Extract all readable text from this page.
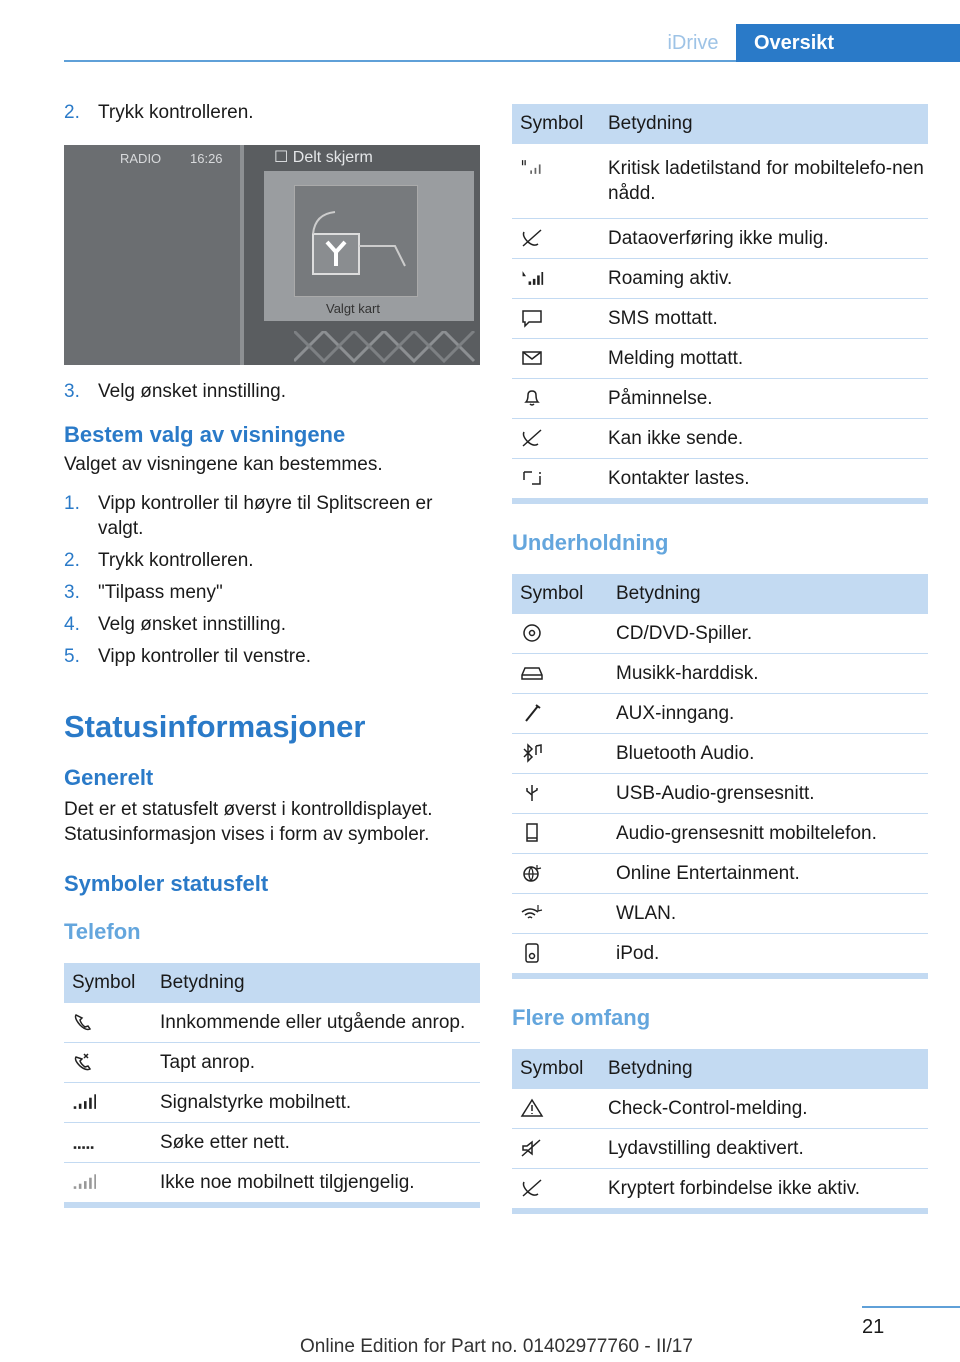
iDrive	Oversikt
2. Trykk kontrolleren.
RADIO 16:26	☐ Delt skjerm
Valgt kart
3. Velg ønsket innstilling.
Bestem valg av visningene

Valget av visningene kan bestemmes.

1. Vipp kontroller til høyre til Splitscreen er valgt.
2. Trykk kontrolleren.
3. "Tilpass meny"
4. Velg ønsket innstilling.
5. Vipp kontroller til venstre.
Statusinformasjoner
Generelt

Det er et statusfelt øverst i kontrolldisplayet. Statusinformasjon vises i form av symboler.

Symboler statusfelt
Telefon
Symbol	Betydning
	Innkommende eller utgående anrop.
	Tapt anrop.
	Signalstyrke mobilnett.
	Søke etter nett.
	Ikke noe mobilnett tilgjengelig.
Symbol	Betydning
	Kritisk ladetilstand for mobiltelefo-nen nådd.
	Dataoverføring ikke mulig.
	Roaming aktiv.
	SMS mottatt.
	Melding mottatt.
	Påminnelse.
	Kan ikke sende.
	Kontakter lastes.
Underholdning
Symbol	Betydning
	CD/DVD-Spiller.
	Musikk-harddisk.
	AUX-inngang.
	Bluetooth Audio.
	USB-Audio-grensesnitt.
	Audio-grensesnitt mobiltelefon.
	Online Entertainment.
	WLAN.
	iPod.
Flere omfang
Symbol	Betydning
	Check-Control-melding.
	Lydavstilling deaktivert.
	Kryptert forbindelse ikke aktiv.
21
Online Edition for Part no. 01402977760 - II/17
